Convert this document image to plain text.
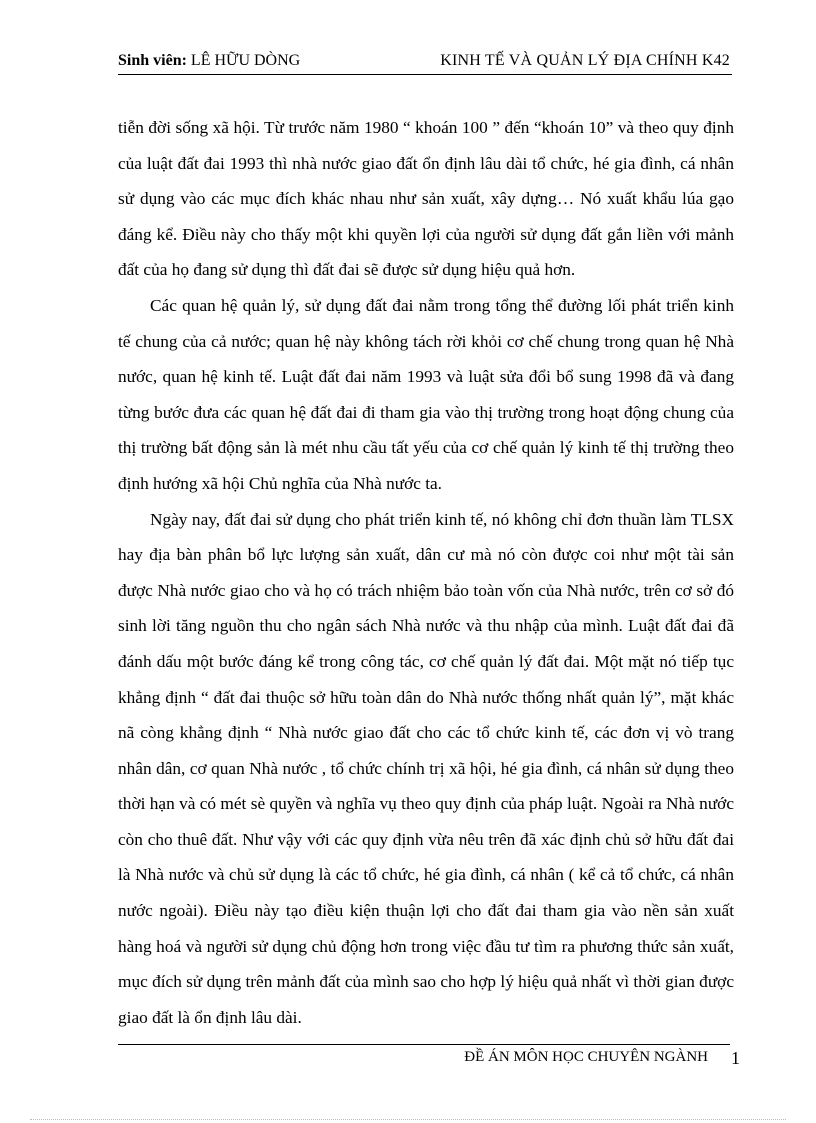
Sinh viên: LÊ HỮU DÒNG	KINH TẾ VÀ QUẢN LÝ ĐỊA CHÍNH K42

tiễn đời sống xã hội. Từ trước năm 1980 “ khoán 100 ” đến “khoán 10” và theo quy định của luật đất đai 1993 thì nhà nước giao đất ổn định lâu dài tổ chức, hé gia đình, cá nhân sử dụng vào các mục đích khác nhau như sản xuất, xây dựng… Nó xuất khẩu lúa gạo đáng kể. Điều này cho thấy một khi quyền lợi của người sử dụng đất gắn liền với mảnh đất của họ đang sử dụng thì đất đai sẽ được sử dụng hiệu quả hơn.

Các quan hệ quản lý, sử dụng đất đai nằm trong tổng thể đường lối phát triển kinh tế chung của cả nước; quan hệ này không tách rời khỏi cơ chế chung trong quan hệ Nhà nước, quan hệ kinh tế. Luật đất đai năm 1993 và luật sửa đổi bổ sung 1998 đã và đang từng bước đưa các quan hệ đất đai đi tham gia vào thị trường trong hoạt động chung của thị trường bất động sản là mét nhu cầu tất yếu của cơ chế quản lý kinh tế thị trường theo định hướng xã hội Chủ nghĩa của Nhà nước ta.

Ngày nay, đất đai sử dụng cho phát triển kinh tế, nó không chỉ đơn thuần làm TLSX hay địa bàn phân bổ lực lượng sản xuất, dân cư mà nó còn được coi như một tài sản được Nhà nước giao cho và họ có trách nhiệm bảo toàn vốn của Nhà nước, trên cơ sở đó sinh lời tăng nguồn thu cho ngân sách Nhà nước và thu nhập của mình. Luật đất đai đã đánh dấu một bước đáng kể trong công tác, cơ chế quản lý đất đai. Một mặt nó tiếp tục khẳng định “ đất đai thuộc sở hữu toàn dân do Nhà nước thống nhất quản lý”, mặt khác nã còng khẳng định “ Nhà nước giao đất cho các tổ chức kinh tế, các đơn vị vò trang nhân dân, cơ quan Nhà nước , tổ chức chính trị xã hội, hé gia đình, cá nhân sử dụng theo thời hạn và có mét sè quyền và nghĩa vụ theo quy định của pháp luật. Ngoài ra Nhà nước còn cho thuê đất. Như vậy với các quy định vừa nêu trên đã xác định chủ sở hữu đất đai là Nhà nước và chủ sử dụng là các tổ chức, hé gia đình, cá nhân ( kể cả tổ chức, cá nhân nước ngoài). Điều này tạo điều kiện thuận lợi cho đất đai tham gia vào nền sản xuất hàng hoá và người sử dụng chủ động hơn trong việc đầu tư tìm ra phương thức sản xuất, mục đích sử dụng trên mảnh đất của mình sao cho hợp lý hiệu quả nhất vì thời gian được giao đất là ổn định lâu dài.

ĐỀ ÁN MÔN HỌC CHUYÊN NGÀNH 1
